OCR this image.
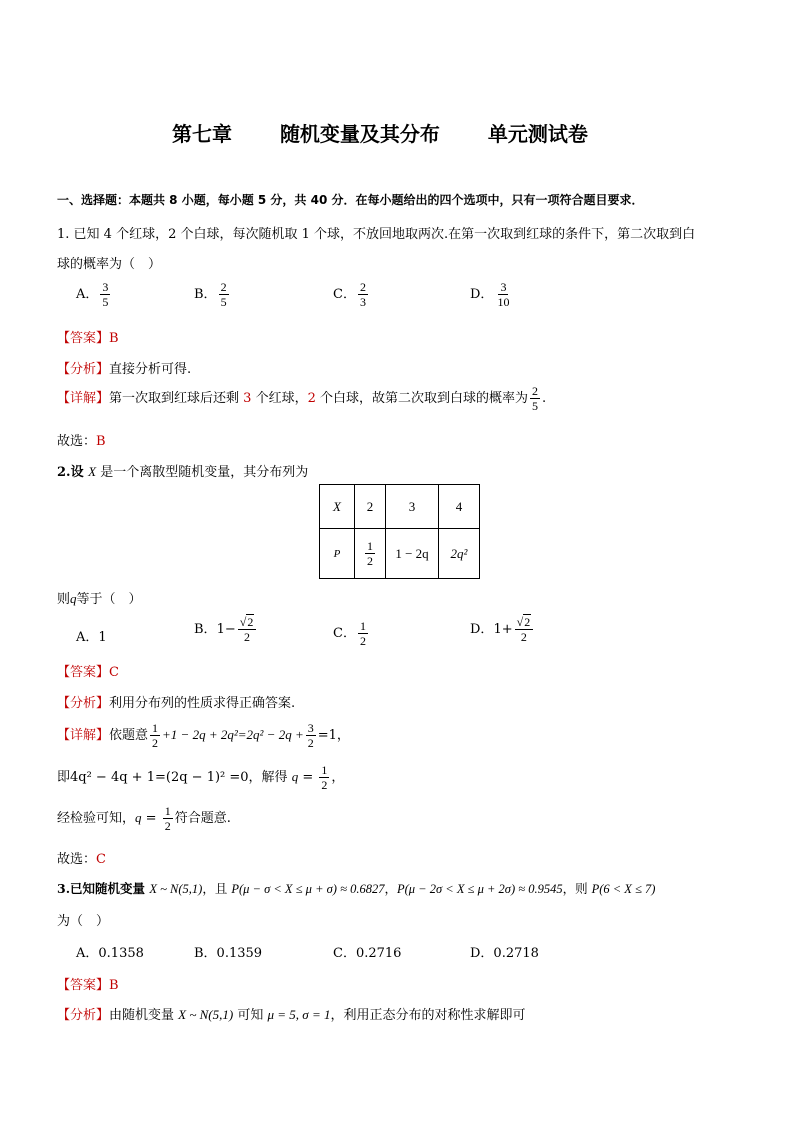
第七章 随机变量及其分布 单元测试卷
一、选择题：本题共 8 小题，每小题 5 分，共 40 分．在每小题给出的四个选项中，只有一项符合题目要求．
1. 已知 4 个红球，2 个白球，每次随机取 1 个球，不放回地取两次.在第一次取到红球的条件下，第二次取到白
球的概率为（　）
A． $\frac{3}{5}$	B． $\frac{2}{5}$	C． $\frac{2}{3}$	D． $\frac{3}{10}$
【答案】B
【分析】直接分析可得.
【详解】第一次取到红球后还剩 3 个红球，2 个白球，故第二次取到白球的概率为 $\frac{2}{5}$ .
故选：B
2.设 X 是一个离散型随机变量，其分布列为
X	2	3	4
P	$\frac{1}{2}$	1 − 2q	2q²
则q等于（　）
A．1
B．$1- \frac{√2}{2}$	C． $\frac{1}{2}$	D．$1+ \frac{√2}{2}$
【答案】C
【分析】利用分布列的性质求得正确答案.
【详解】依题意 $\frac{1}{2} +1 - 2q + 2q^2=2q^2 - 2q + \frac{3}{2} =1$，
即4q² − 4q + 1=(2q − 1)² =0，解得 $q = \frac{1}{2}$ ，
经检验可知，$q = \frac{1}{2}$ 符合题意.
故选：C
3.已知随机变量 X ~ N(5,1)，且 P(μ − σ < X ≤ μ + σ) ≈ 0.6827，P(μ − 2σ < X ≤ μ + 2σ) ≈ 0.9545，则 P(6 < X ≤ 7)
为（　）
A．0.1358	B．0.1359	C．0.2716	D．0.2718
【答案】B
【分析】由随机变量 X ~ N(5,1) 可知 μ = 5, σ = 1，利用正态分布的对称性求解即可
